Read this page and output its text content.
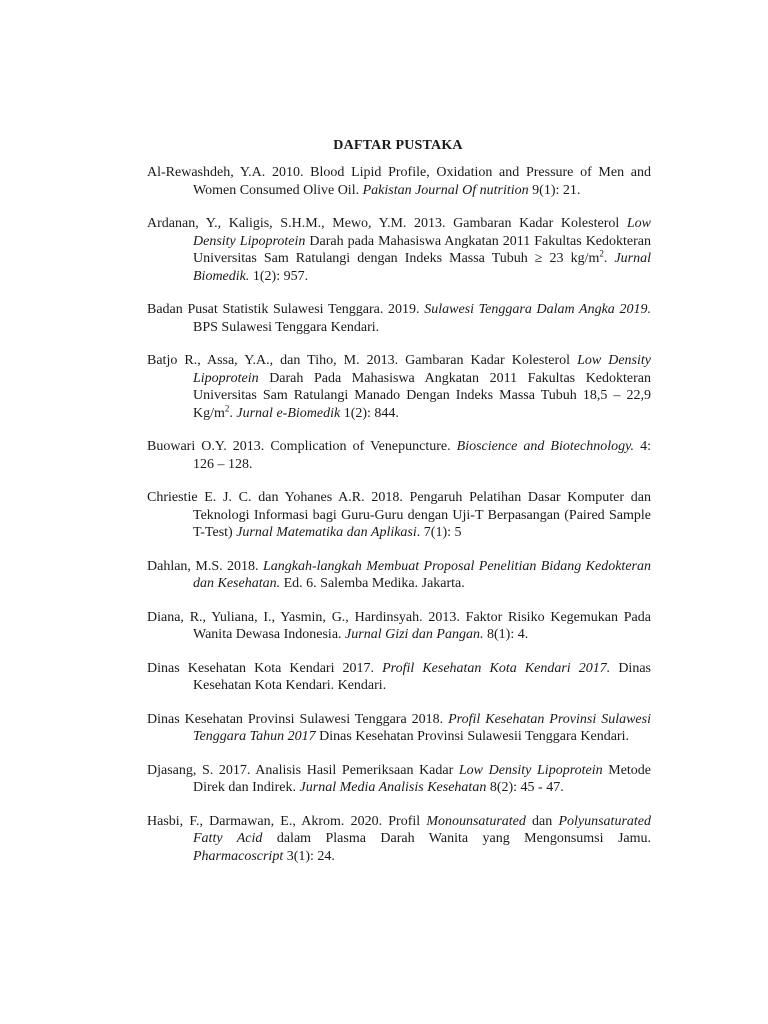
DAFTAR PUSTAKA

Al-Rewashdeh, Y.A. 2010. Blood Lipid Profile, Oxidation and Pressure of Men and Women Consumed Olive Oil. Pakistan Journal Of nutrition 9(1): 21.

Ardanan, Y., Kaligis, S.H.M., Mewo, Y.M. 2013. Gambaran Kadar Kolesterol Low Density Lipoprotein Darah pada Mahasiswa Angkatan 2011 Fakultas Kedokteran Universitas Sam Ratulangi dengan Indeks Massa Tubuh ≥ 23 $kg/m^2$. Jurnal Biomedik. 1(2): 957.

Badan Pusat Statistik Sulawesi Tenggara. 2019. Sulawesi Tenggara Dalam Angka 2019. BPS Sulawesi Tenggara Kendari.

Batjo R., Assa, Y.A., dan Tiho, M. 2013. Gambaran Kadar Kolesterol Low Density Lipoprotein Darah Pada Mahasiswa Angkatan 2011 Fakultas Kedokteran Universitas Sam Ratulangi Manado Dengan Indeks Massa Tubuh 18,5 – 22,9 $Kg/m^2$. Jurnal e-Biomedik 1(2): 844.

Buowari O.Y. 2013. Complication of Venepuncture. Bioscience and Biotechnology. 4: 126 – 128.

Chriestie E. J. C. dan Yohanes A.R. 2018. Pengaruh Pelatihan Dasar Komputer dan Teknologi Informasi bagi Guru-Guru dengan Uji-T Berpasangan (Paired Sample T-Test) Jurnal Matematika dan Aplikasi. 7(1): 5

Dahlan, M.S. 2018. Langkah-langkah Membuat Proposal Penelitian Bidang Kedokteran dan Kesehatan. Ed. 6. Salemba Medika. Jakarta.

Diana, R., Yuliana, I., Yasmin, G., Hardinsyah. 2013. Faktor Risiko Kegemukan Pada Wanita Dewasa Indonesia. Jurnal Gizi dan Pangan. 8(1): 4.

Dinas Kesehatan Kota Kendari 2017. Profil Kesehatan Kota Kendari 2017. Dinas Kesehatan Kota Kendari. Kendari.

Dinas Kesehatan Provinsi Sulawesi Tenggara 2018. Profil Kesehatan Provinsi Sulawesi Tenggara Tahun 2017 Dinas Kesehatan Provinsi Sulawesii Tenggara Kendari.

Djasang, S. 2017. Analisis Hasil Pemeriksaan Kadar Low Density Lipoprotein Metode Direk dan Indirek. Jurnal Media Analisis Kesehatan 8(2): 45 - 47.

Hasbi, F., Darmawan, E., Akrom. 2020. Profil Monounsaturated dan Polyunsaturated Fatty Acid dalam Plasma Darah Wanita yang Mengonsumsi Jamu. Pharmacoscript 3(1): 24.
